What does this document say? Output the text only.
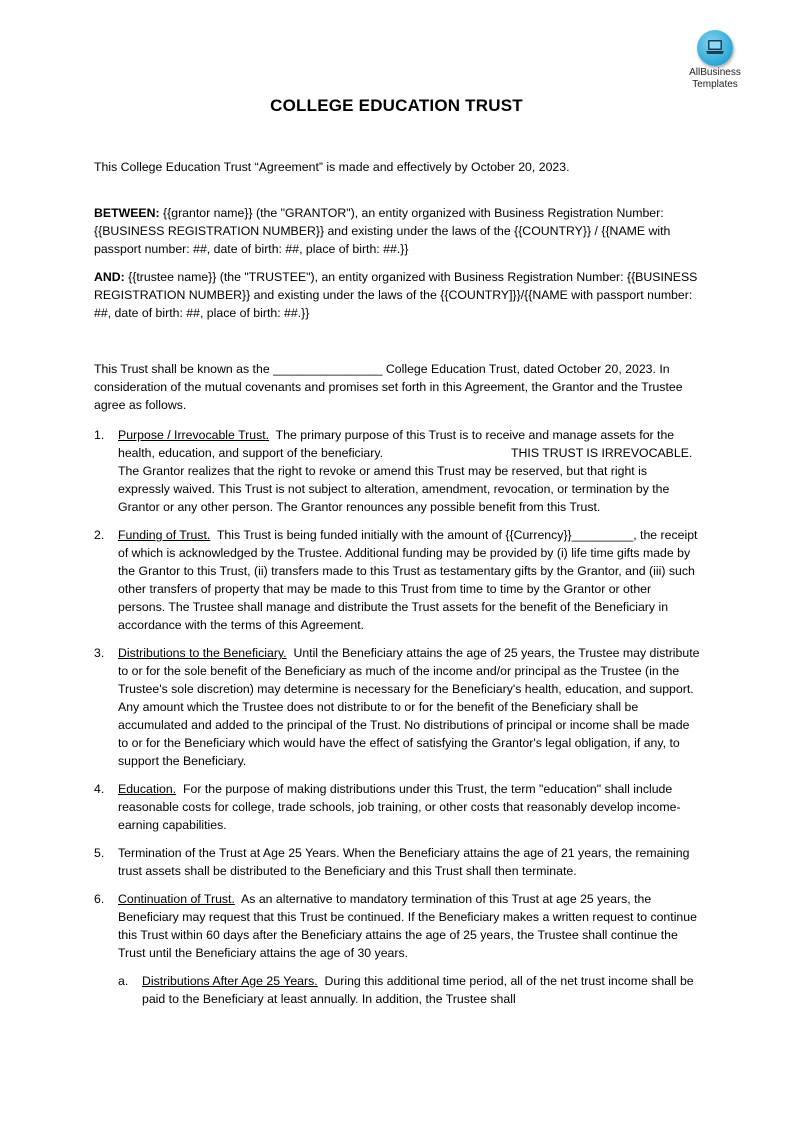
AllBusiness
Templates
COLLEGE EDUCATION TRUST

This College Education Trust “Agreement” is made and effectively by October 20, 2023.

BETWEEN: {{grantor name}} (the "GRANTOR"), an entity organized with Business Registration Number: {{BUSINESS REGISTRATION NUMBER}} and existing under the laws of the {{COUNTRY}} / {{NAME with passport number: ##, date of birth: ##, place of birth: ##.}}

AND: {{trustee name}} (the "TRUSTEE"), an entity organized with Business Registration Number: {{BUSINESS REGISTRATION NUMBER}} and existing under the laws of the {{COUNTRY]}}/{{NAME with passport number: ##, date of birth: ##, place of birth: ##.}}

This Trust shall be known as the ________________ College Education Trust, dated October 20, 2023. In consideration of the mutual covenants and promises set forth in this Agreement, the Grantor and the Trustee agree as follows.

1. Purpose / Irrevocable Trust. The primary purpose of this Trust is to receive and manage assets for the health, education, and support of the beneficiary.	THIS TRUST IS IRREVOCABLE. The Grantor realizes that the right to revoke or amend this Trust may be reserved, but that right is expressly waived. This Trust is not subject to alteration, amendment, revocation, or termination by the Grantor or any other person. The Grantor renounces any possible benefit from this Trust.
2. Funding of Trust. This Trust is being funded initially with the amount of {{Currency}}_________, the receipt of which is acknowledged by the Trustee. Additional funding may be provided by (i) life time gifts made by the Grantor to this Trust, (ii) transfers made to this Trust as testamentary gifts by the Grantor, and (iii) such other transfers of property that may be made to this Trust from time to time by the Grantor or other persons. The Trustee shall manage and distribute the Trust assets for the benefit of the Beneficiary in accordance with the terms of this Agreement.
3. Distributions to the Beneficiary. Until the Beneficiary attains the age of 25 years, the Trustee may distribute to or for the sole benefit of the Beneficiary as much of the income and/or principal as the Trustee (in the Trustee's sole discretion) may determine is necessary for the Beneficiary's health, education, and support. Any amount which the Trustee does not distribute to or for the benefit of the Beneficiary shall be accumulated and added to the principal of the Trust. No distributions of principal or income shall be made to or for the Beneficiary which would have the effect of satisfying the Grantor's legal obligation, if any, to support the Beneficiary.
4. Education. For the purpose of making distributions under this Trust, the term "education" shall include reasonable costs for college, trade schools, job training, or other costs that reasonably develop income-earning capabilities.
5. Termination of the Trust at Age 25 Years. When the Beneficiary attains the age of 21 years, the remaining trust assets shall be distributed to the Beneficiary and this Trust shall then terminate.
6. Continuation of Trust. As an alternative to mandatory termination of this Trust at age 25 years, the Beneficiary may request that this Trust be continued. If the Beneficiary makes a written request to continue this Trust within 60 days after the Beneficiary attains the age of 25 years, the Trustee shall continue the Trust until the Beneficiary attains the age of 30 years.
a. Distributions After Age 25 Years. During this additional time period, all of the net trust income shall be paid to the Beneficiary at least annually. In addition, the Trustee shall
